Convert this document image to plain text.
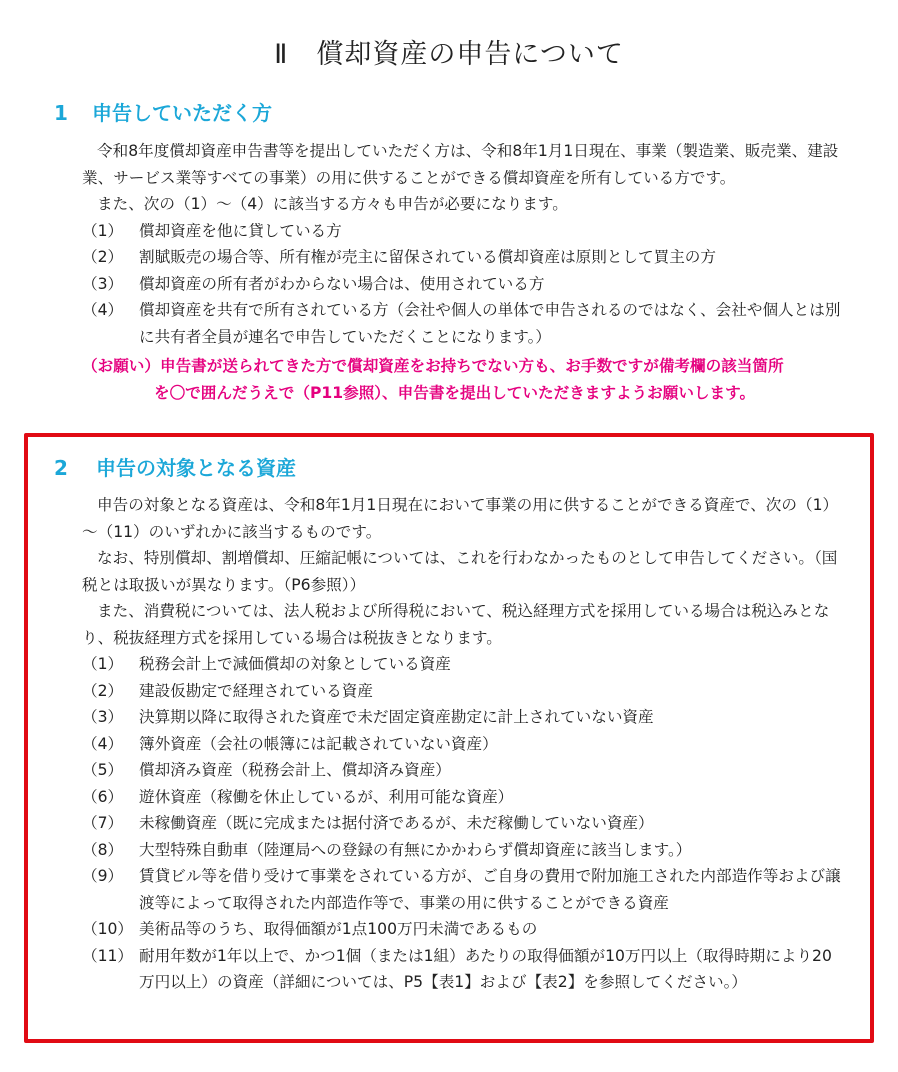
Ⅱ　償却資産の申告について
1 申告していただく方

令和8年度償却資産申告書等を提出していただく方は、令和8年1月1日現在、事業（製造業、販売業、建設業、サービス業等すべての事業）の用に供することができる償却資産を所有している方です。

また、次の（1）～（4）に該当する方々も申告が必要になります。

（1）	償却資産を他に貸している方
（2）	割賦販売の場合等、所有権が売主に留保されている償却資産は原則として買主の方
（3）	償却資産の所有者がわからない場合は、使用されている方
（4）	償却資産を共有で所有されている方（会社や個人の単体で申告されるのではなく、会社や個人とは別に共有者全員が連名で申告していただくことになります。）
（お願い）申告書が送られてきた方で償却資産をお持ちでない方も、お手数ですが備考欄の該当箇所
を〇で囲んだうえで（P11参照）、申告書を提出していただきますようお願いします。
2 申告の対象となる資産

申告の対象となる資産は、令和8年1月1日現在において事業の用に供することができる資産で、次の（1）～（11）のいずれかに該当するものです。

なお、特別償却、割増償却、圧縮記帳については、これを行わなかったものとして申告してください。（国税とは取扱いが異なります。（P6参照））

また、消費税については、法人税および所得税において、税込経理方式を採用している場合は税込みとなり、税抜経理方式を採用している場合は税抜きとなります。

（1）	税務会計上で減価償却の対象としている資産
（2）	建設仮勘定で経理されている資産
（3）	決算期以降に取得された資産で未だ固定資産勘定に計上されていない資産
（4）	簿外資産（会社の帳簿には記載されていない資産）
（5）	償却済み資産（税務会計上、償却済み資産）
（6）	遊休資産（稼働を休止しているが、利用可能な資産）
（7）	未稼働資産（既に完成または据付済であるが、未だ稼働していない資産）
（8）	大型特殊自動車（陸運局への登録の有無にかかわらず償却資産に該当します。）
（9）	賃貸ビル等を借り受けて事業をされている方が、ご自身の費用で附加施工された内部造作等および譲渡等によって取得された内部造作等で、事業の用に供することができる資産
（10） 美術品等のうち、取得価額が1点100万円未満であるもの
（11） 耐用年数が1年以上で、かつ1個（または1組）あたりの取得価額が10万円以上（取得時期により20万円以上）の資産（詳細については、P5【表1】および【表2】を参照してください。）
